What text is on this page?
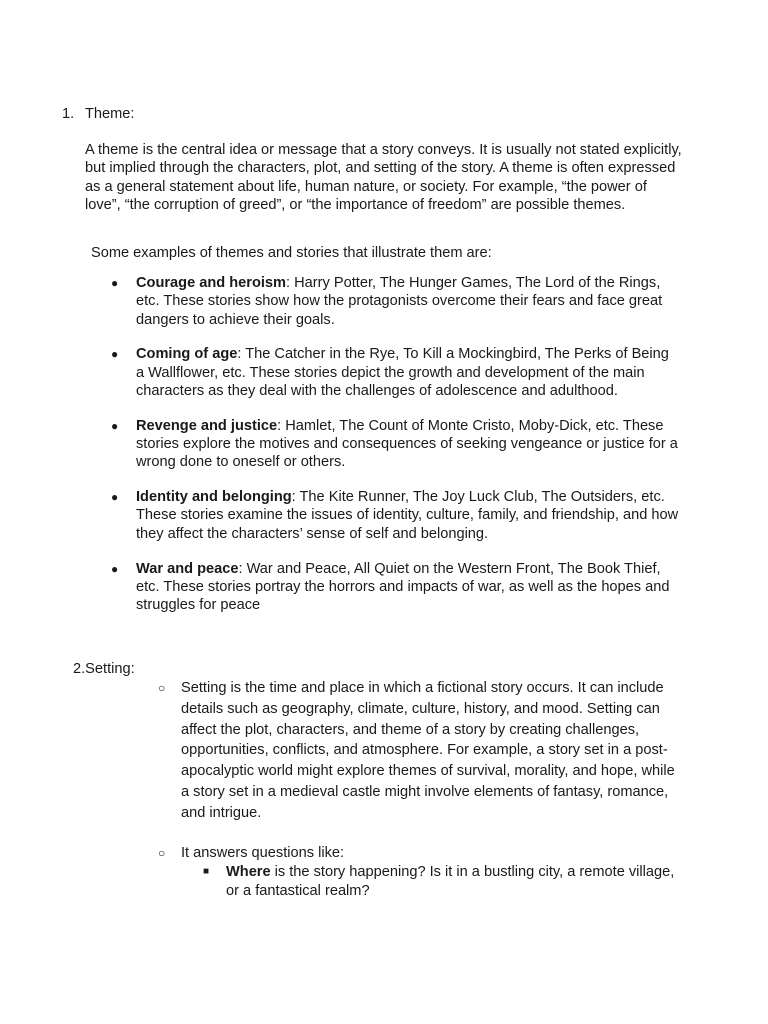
1. Theme:
A theme is the central idea or message that a story conveys. It is usually not stated explicitly, but implied through the characters, plot, and setting of the story. A theme is often expressed as a general statement about life, human nature, or society. For example, “the power of love”, “the corruption of greed”, or “the importance of freedom” are possible themes.
Some examples of themes and stories that illustrate them are:
● Courage and heroism: Harry Potter, The Hunger Games, The Lord of the Rings, etc. These stories show how the protagonists overcome their fears and face great dangers to achieve their goals.
● Coming of age: The Catcher in the Rye, To Kill a Mockingbird, The Perks of Being a Wallflower, etc. These stories depict the growth and development of the main characters as they deal with the challenges of adolescence and adulthood.
● Revenge and justice: Hamlet, The Count of Monte Cristo, Moby-Dick, etc. These stories explore the motives and consequences of seeking vengeance or justice for a wrong done to oneself or others.
● Identity and belonging: The Kite Runner, The Joy Luck Club, The Outsiders, etc. These stories examine the issues of identity, culture, family, and friendship, and how they affect the characters’ sense of self and belonging.
● War and peace: War and Peace, All Quiet on the Western Front, The Book Thief, etc. These stories portray the horrors and impacts of war, as well as the hopes and struggles for peace
2.Setting:
○ Setting is the time and place in which a fictional story occurs. It can include details such as geography, climate, culture, history, and mood. Setting can affect the plot, characters, and theme of a story by creating challenges, opportunities, conflicts, and atmosphere. For example, a story set in a post-apocalyptic world might explore themes of survival, morality, and hope, while a story set in a medieval castle might involve elements of fantasy, romance, and intrigue.
○ It answers questions like:
■ Where is the story happening? Is it in a bustling city, a remote village, or a fantastical realm?
